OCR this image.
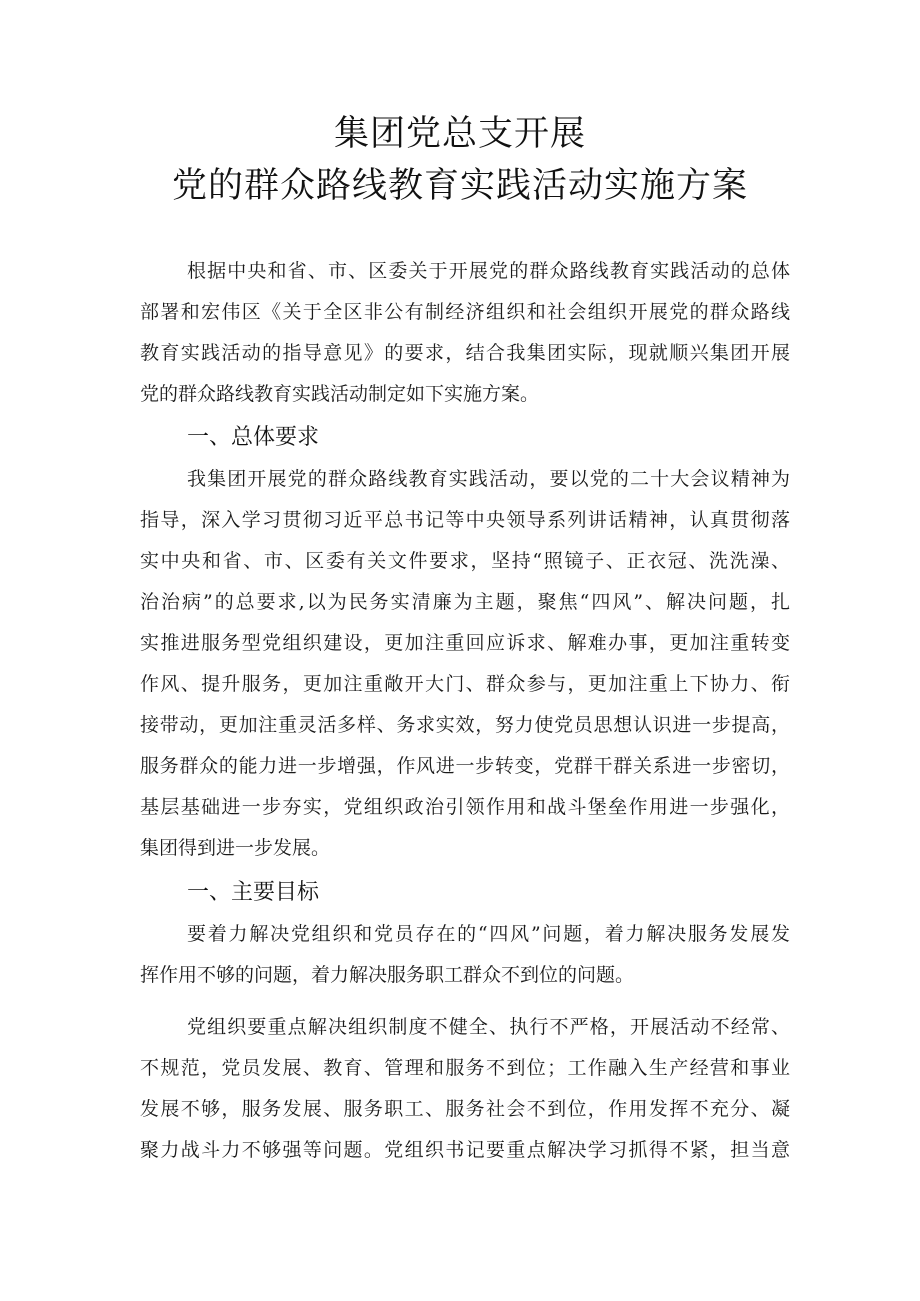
集团党总支开展
党的群众路线教育实践活动实施方案
根据中央和省、市、区委关于开展党的群众路线教育实践活动的总体
部署和宏伟区《关于全区非公有制经济组织和社会组织开展党的群众路线
教育实践活动的指导意见》的要求，结合我集团实际，现就顺兴集团开展
党的群众路线教育实践活动制定如下实施方案。
一、总体要求
我集团开展党的群众路线教育实践活动，要以党的二十大会议精神为
指导，深入学习贯彻习近平总书记等中央领导系列讲话精神，认真贯彻落
实中央和省、市、区委有关文件要求，坚持“照镜子、正衣冠、洗洗澡、
治治病”的总要求,以为民务实清廉为主题，聚焦“四风”、解决问题，扎
实推进服务型党组织建设，更加注重回应诉求、解难办事，更加注重转变
作风、提升服务，更加注重敞开大门、群众参与，更加注重上下协力、衔
接带动，更加注重灵活多样、务求实效，努力使党员思想认识进一步提高，
服务群众的能力进一步增强，作风进一步转变，党群干群关系进一步密切，
基层基础进一步夯实，党组织政治引领作用和战斗堡垒作用进一步强化，
集团得到进一步发展。
一、主要目标
要着力解决党组织和党员存在的“四风”问题，着力解决服务发展发
挥作用不够的问题，着力解决服务职工群众不到位的问题。
党组织要重点解决组织制度不健全、执行不严格，开展活动不经常、
不规范，党员发展、教育、管理和服务不到位；工作融入生产经营和事业
发展不够，服务发展、服务职工、服务社会不到位，作用发挥不充分、凝
聚力战斗力不够强等问题。党组织书记要重点解决学习抓得不紧，担当意
